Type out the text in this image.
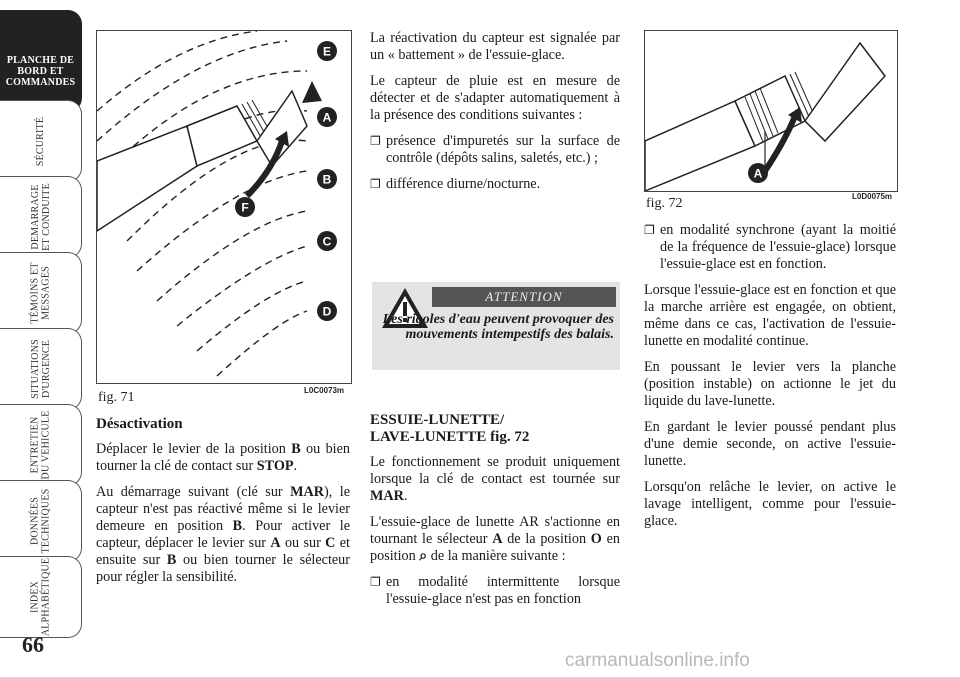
PLANCHE DE
BORD ET
COMMANDES
SÉCURITÉ
DEMARRAGE
ET CONDUITE
TÉMOINS ET
MESSAGES
SITUATIONS
D'URGENCE
ENTRETIEN
DU VEHICULE
DONNÉES
TECHNIQUES
INDEX
ALPHABÉTIQUE
66
E
A
B
C
D
F
fig. 71	L0C0073m
A
fig. 72	L0D0075m

Désactivation

Déplacer le levier de la position B ou bien tourner la clé de contact sur STOP.

Au démarrage suivant (clé sur MAR), le capteur n'est pas réactivé même si le levier demeure en position B. Pour activer le capteur, déplacer le levier sur A ou sur C et ensuite sur B ou bien tourner le sélecteur pour régler la sensibilité.

La réactivation du capteur est signalée par un « battement » de l'essuie-glace.

Le capteur de pluie est en mesure de détecter et de s'adapter automatiquement à la présence des conditions suivantes :

❐ présence d'impuretés sur la surface de contrôle (dépôts salins, saletés, etc.) ;

❐ différence diurne/nocturne.

ATTENTION
Les rigoles d'eau peuvent provoquer des mouvements intempestifs des balais.

ESSUIE-LUNETTE/
LAVE-LUNETTE fig. 72

Le fonctionnement se produit uniquement lorsque la clé de contact est tournée sur MAR.

L'essuie-glace de lunette AR s'actionne en tournant le sélecteur A de la position O en position ⌕ de la manière suivante :

❐ en modalité intermittente lorsque l'essuie-glace n'est pas en fonction

❐ en modalité synchrone (ayant la moitié de la fréquence de l'essuie-glace) lorsque l'essuie-glace est en fonction.

Lorsque l'essuie-glace est en fonction et que la marche arrière est engagée, on obtient, même dans ce cas, l'activation de l'essuie-lunette en modalité continue.

En poussant le levier vers la planche (position instable) on actionne le jet du liquide du lave-lunette.

En gardant le levier poussé pendant plus d'une demie seconde, on active l'essuie-lunette.

Lorsqu'on relâche le levier, on active le lavage intelligent, comme pour l'essuie-glace.

carmanualsonline.info
